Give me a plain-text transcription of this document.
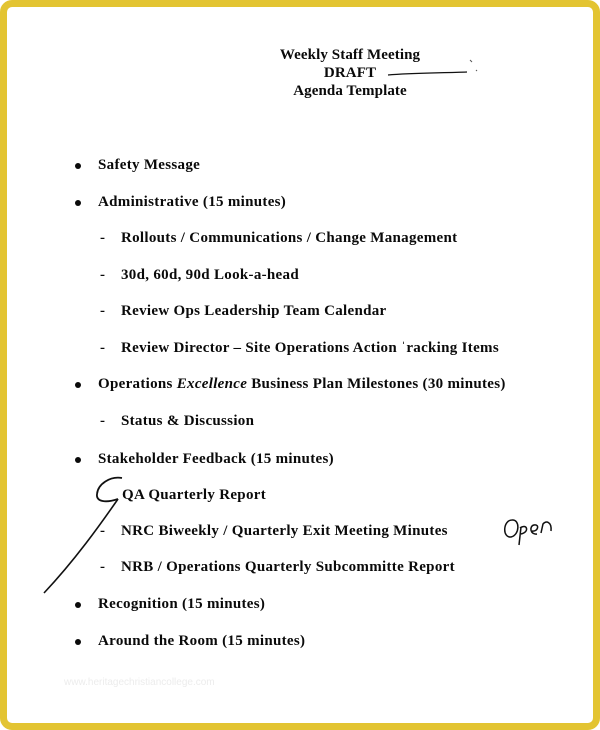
Weekly Staff Meeting
DRAFT
Agenda Template
Safety Message
Administrative (15 minutes)
- Rollouts / Communications / Change Management
- 30d, 60d, 90d Look-a-head
- Review Ops Leadership Team Calendar
- Review Director – Site Operations Action ˈracking Items
Operations Excellence Business Plan Milestones (30 minutes)
- Status & Discussion
Stakeholder Feedback (15 minutes)
QA Quarterly Report
- NRC Biweekly / Quarterly Exit Meeting Minutes
- NRB / Operations Quarterly Subcommitte Report
Recognition (15 minutes)
Around the Room (15 minutes)
www.heritagechristiancollege.com
